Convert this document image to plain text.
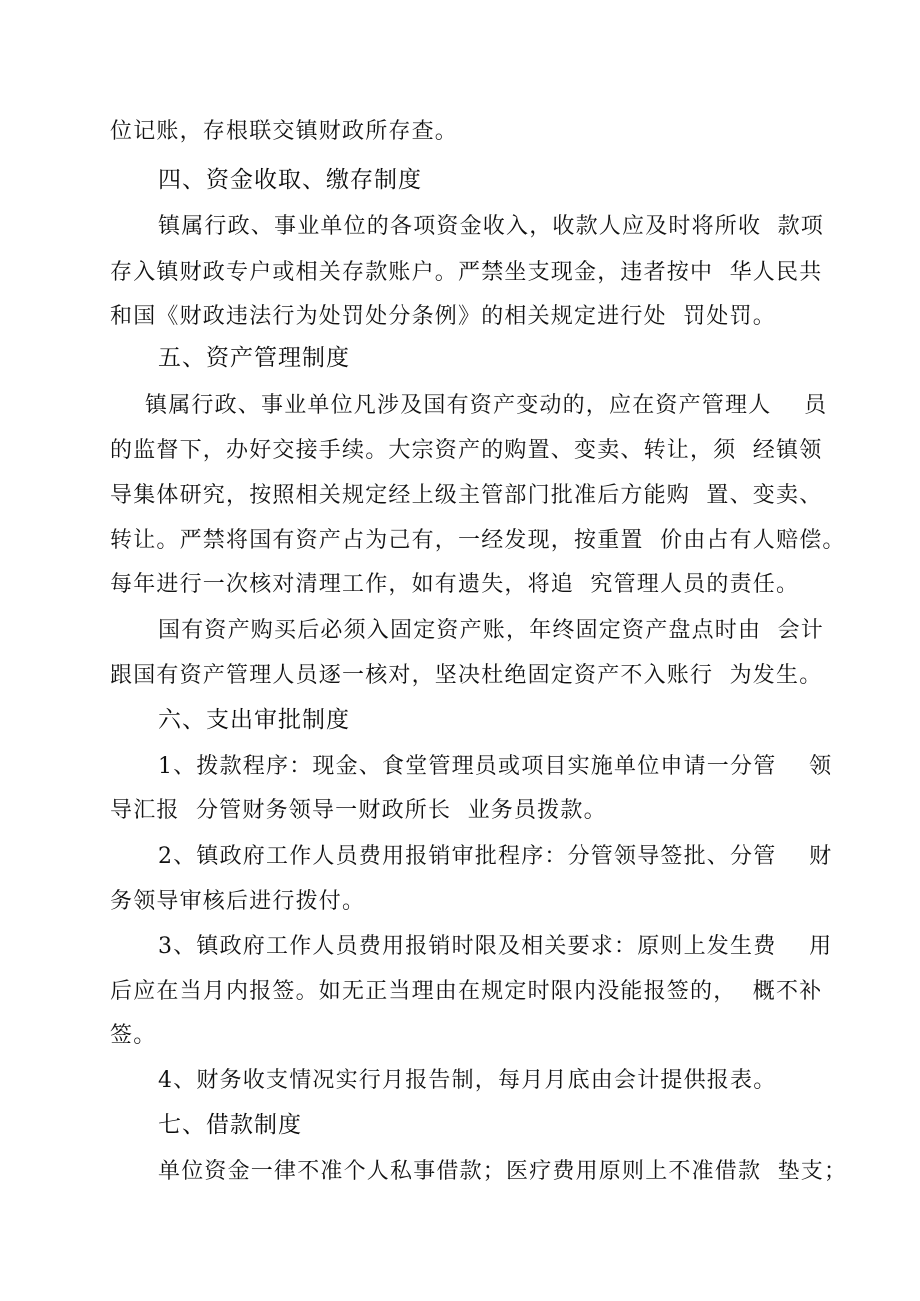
位记账，存根联交镇财政所存查。
四、资金收取、缴存制度
镇属行政、事业单位的各项资金收入，收款人应及时将所收  款项
存入镇财政专户或相关存款账户。严禁坐支现金，违者按中  华人民共
和国《财政违法行为处罚处分条例》的相关规定进行处  罚处罚。
五、资产管理制度
镇属行政、事业单位凡涉及国有资产变动的，应在资产管理人    员
的监督下，办好交接手续。大宗资产的购置、变卖、转让，须  经镇领
导集体研究，按照相关规定经上级主管部门批准后方能购  置、变卖、
转让。严禁将国有资产占为己有，一经发现，按重置  价由占有人赔偿。
每年进行一次核对清理工作，如有遗失，将追  究管理人员的责任。
国有资产购买后必须入固定资产账，年终固定资产盘点时由  会计
跟国有资产管理人员逐一核对，坚决杜绝固定资产不入账行  为发生。
六、支出审批制度
1、拨款程序：现金、食堂管理员或项目实施单位申请一分管    领
导汇报  分管财务领导一财政所长  业务员拨款。
2、镇政府工作人员费用报销审批程序：分管领导签批、分管    财
务领导审核后进行拨付。
3、镇政府工作人员费用报销时限及相关要求：原则上发生费    用
后应在当月内报签。如无正当理由在规定时限内没能报签的，  概不补
签。
4、财务收支情况实行月报告制，每月月底由会计提供报表。
七、借款制度
单位资金一律不准个人私事借款；医疗费用原则上不准借款  垫支；
